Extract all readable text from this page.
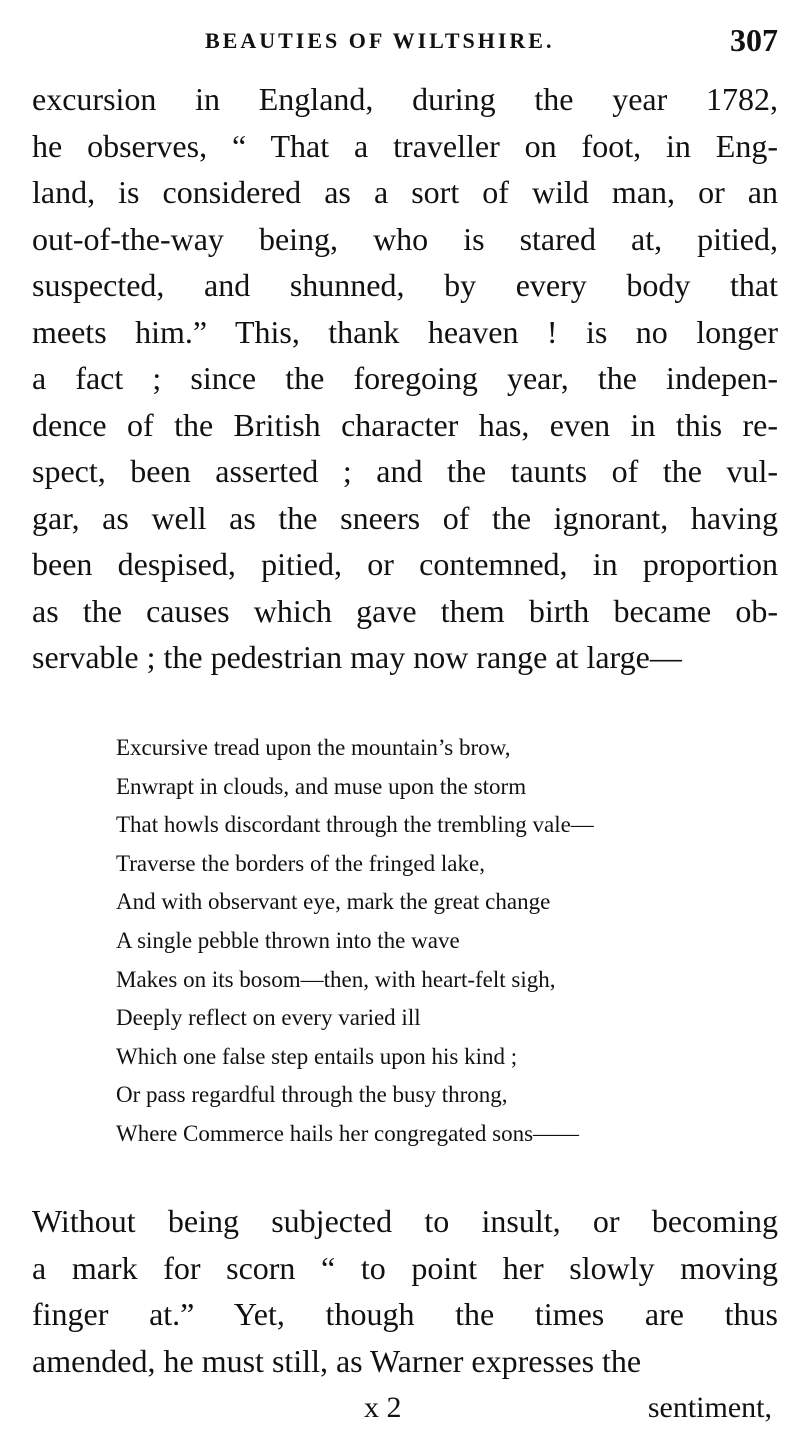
BEAUTIES OF WILTSHIRE.	307
excursion in England, during the year 1782,
he observes, “ That a traveller on foot, in Eng-
land, is considered as a sort of wild man, or an
out-of-the-way being, who is stared at, pitied,
suspected, and shunned, by every body that
meets him.” This, thank heaven ! is no longer
a fact ; since the foregoing year, the indepen-
dence of the British character has, even in this re-
spect, been asserted ; and the taunts of the vul-
gar, as well as the sneers of the ignorant, having
been despised, pitied, or contemned, in proportion
as the causes which gave them birth became ob-
servable ; the pedestrian may now range at large—
Excursive tread upon the mountain’s brow,
Enwrapt in clouds, and muse upon the storm
That howls discordant through the trembling vale—
Traverse the borders of the fringed lake,
And with observant eye, mark the great change
A single pebble thrown into the wave
Makes on its bosom—then, with heart-felt sigh,
Deeply reflect on every varied ill
Which one false step entails upon his kind ;
Or pass regardful through the busy throng,
Where Commerce hails her congregated sons——
Without being subjected to insult, or becoming
a mark for scorn “ to point her slowly moving
finger at.” Yet, though the times are thus
amended, he must still, as Warner expresses the
x 2	sentiment,
